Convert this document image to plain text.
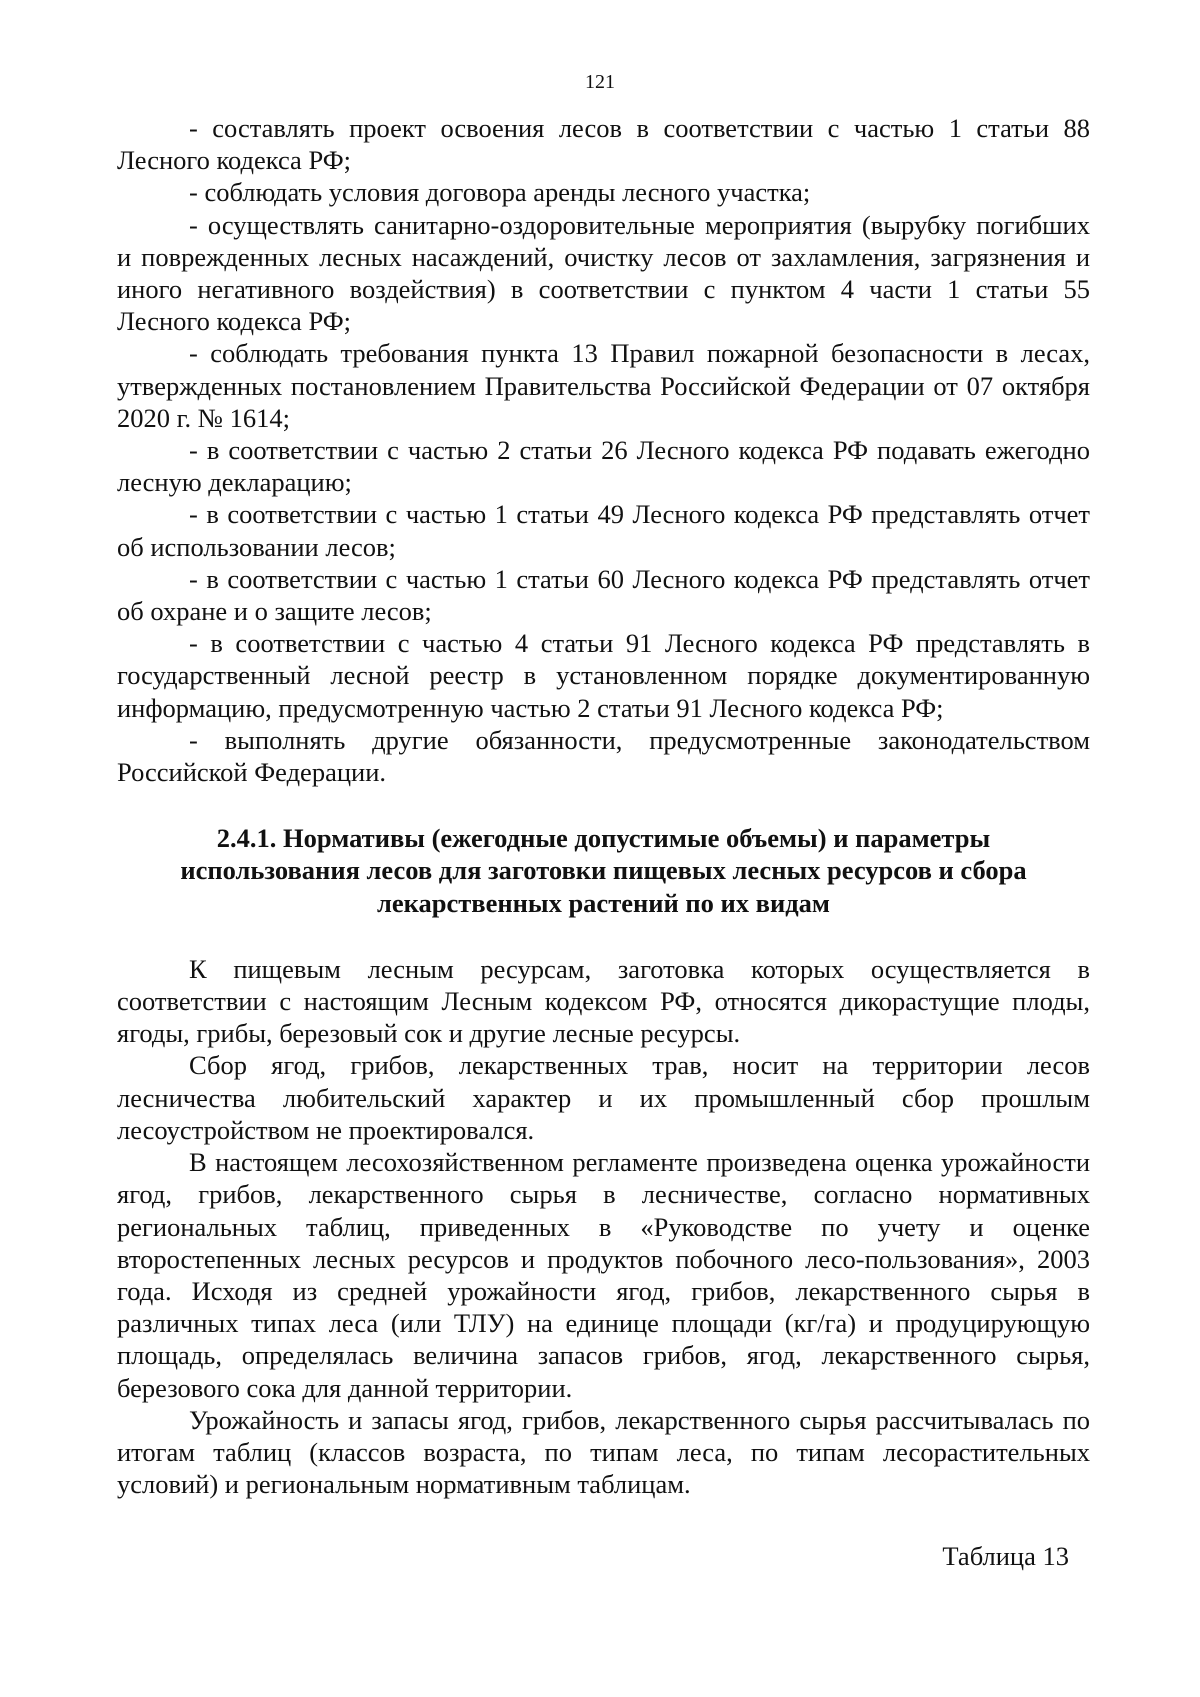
121

- составлять проект освоения лесов в соответствии с частью 1 статьи 88 Лесного кодекса РФ;

- соблюдать условия договора аренды лесного участка;

- осуществлять санитарно-оздоровительные мероприятия (вырубку погибших и поврежденных лесных насаждений, очистку лесов от захламления, загрязнения и иного негативного воздействия) в соответствии с пунктом 4 части 1 статьи 55 Лесного кодекса РФ;

- соблюдать требования пункта 13 Правил пожарной безопасности в лесах, утвержденных постановлением Правительства Российской Федерации от 07 октября 2020 г. № 1614;

- в соответствии с частью 2 статьи 26 Лесного кодекса РФ подавать ежегодно лесную декларацию;

- в соответствии с частью 1 статьи 49 Лесного кодекса РФ представлять отчет об использовании лесов;

- в соответствии с частью 1 статьи 60 Лесного кодекса РФ представлять отчет об охране и о защите лесов;

- в соответствии с частью 4 статьи 91 Лесного кодекса РФ представлять в государственный лесной реестр в установленном порядке документированную информацию, предусмотренную частью 2 статьи 91 Лесного кодекса РФ;

- выполнять другие обязанности, предусмотренные законодательством Российской Федерации.

2.4.1. Нормативы (ежегодные допустимые объемы) и параметры
использования лесов для заготовки пищевых лесных ресурсов и сбора
лекарственных растений по их видам

К пищевым лесным ресурсам, заготовка которых осуществляется в соответствии с настоящим Лесным кодексом РФ, относятся дикорастущие плоды, ягоды, грибы, березовый сок и другие лесные ресурсы.

Сбор ягод, грибов, лекарственных трав, носит на территории лесов лесничества любительский характер и их промышленный сбор прошлым лесоустройством не проектировался.

В настоящем лесохозяйственном регламенте произведена оценка урожайности ягод, грибов, лекарственного сырья в лесничестве, согласно нормативных региональных таблиц, приведенных в «Руководстве по учету и оценке второстепенных лесных ресурсов и продуктов побочного лесо-пользования», 2003 года. Исходя из средней урожайности ягод, грибов, лекарственного сырья в различных типах леса (или ТЛУ) на единице площади (кг/га) и продуцирующую площадь, определялась величина запасов грибов, ягод, лекарственного сырья, березового сока для данной территории.

Урожайность и запасы ягод, грибов, лекарственного сырья рассчитывалась по итогам таблиц (классов возраста, по типам леса, по типам лесорастительных условий) и региональным нормативным таблицам.

Таблица 13
